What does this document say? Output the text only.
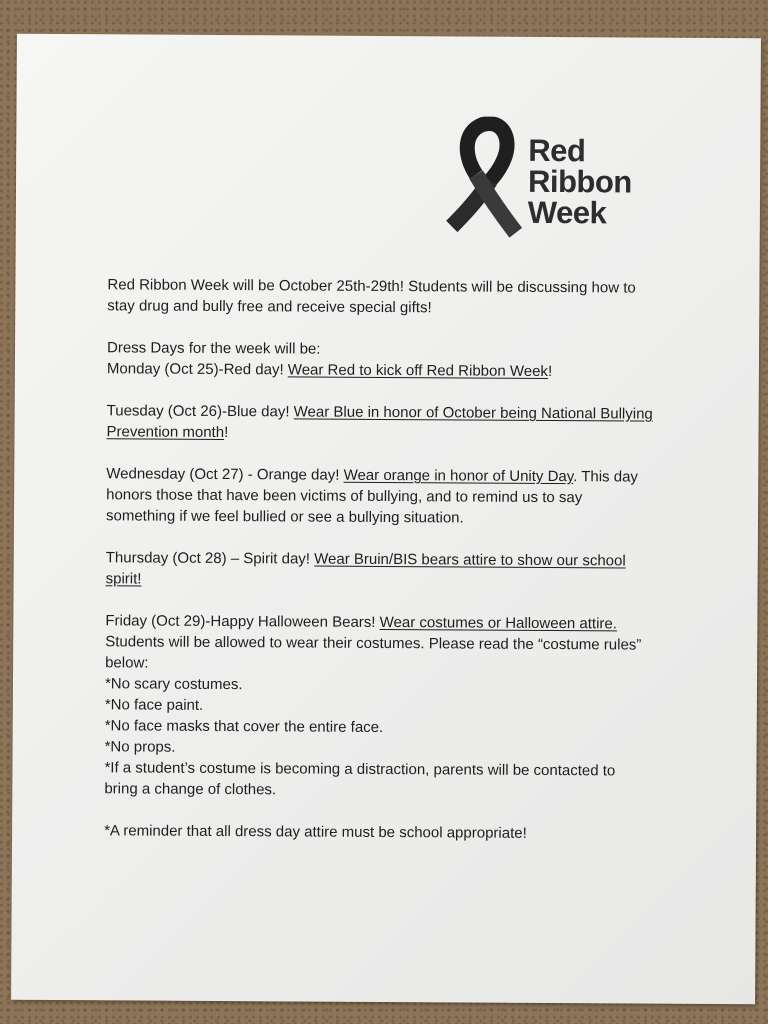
Red
Ribbon
Week

Red Ribbon Week will be October 25th-29th! Students will be discussing how to

stay drug and bully free and receive special gifts!

Dress Days for the week will be:

Monday (Oct 25)-Red day! Wear Red to kick off Red Ribbon Week!

Tuesday (Oct 26)-Blue day! Wear Blue in honor of October being National Bullying

Prevention month!

Wednesday (Oct 27) - Orange day! Wear orange in honor of Unity Day. This day

honors those that have been victims of bullying, and to remind us to say

something if we feel bullied or see a bullying situation.

Thursday (Oct 28) – Spirit day! Wear Bruin/BIS bears attire to show our school

spirit!

Friday (Oct 29)-Happy Halloween Bears! Wear costumes or Halloween attire.

Students will be allowed to wear their costumes. Please read the “costume rules”

below:

*No scary costumes.

*No face paint.

*No face masks that cover the entire face.

*No props.

*If a student’s costume is becoming a distraction, parents will be contacted to

bring a change of clothes.

*A reminder that all dress day attire must be school appropriate!
